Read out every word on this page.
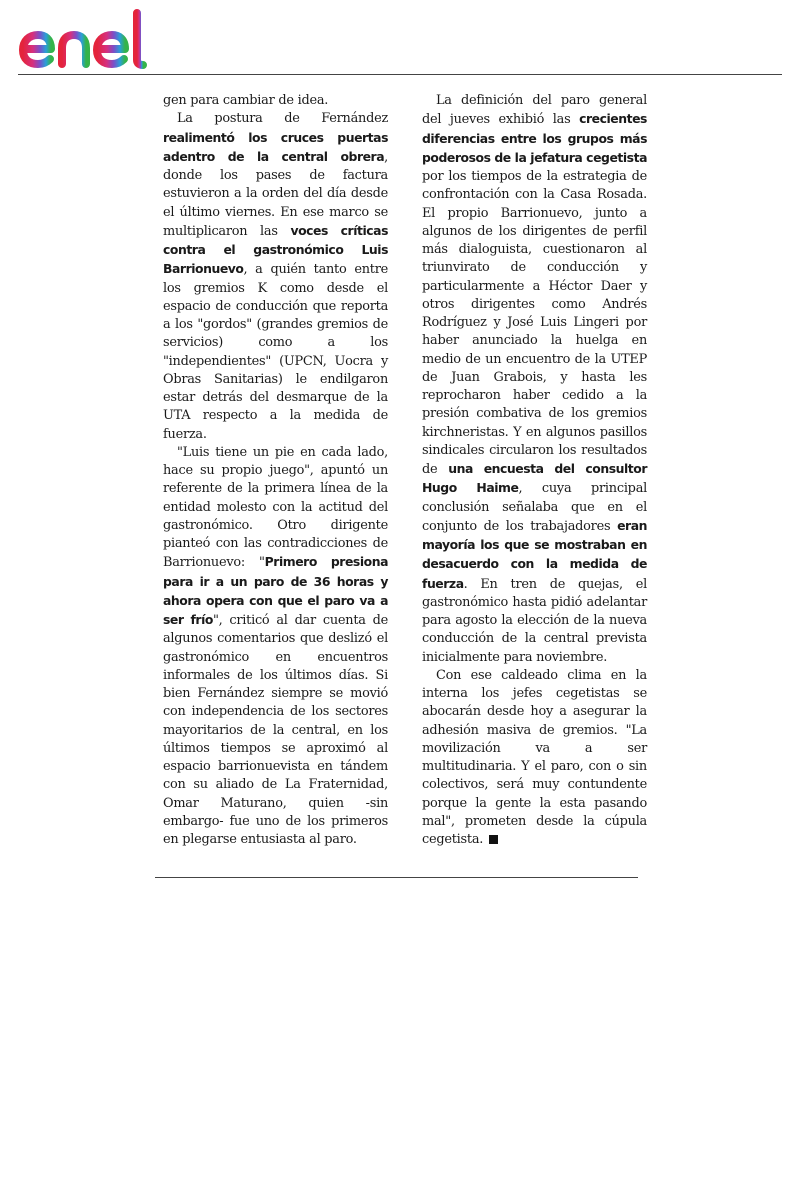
gen para cambiar de idea.

La postura de Fernández realimentó los cruces puertas adentro de la central obrera, donde los pases de factura estuvieron a la orden del día desde el último viernes. En ese marco se multiplicaron las voces críticas contra el gastronómico Luis Barrionuevo, a quién tanto entre los gremios K como desde el espacio de conducción que reporta a los "gordos" (grandes gremios de servicios) como a los "independientes" (UPCN, Uocra y Obras Sanitarias) le endilgaron estar detrás del desmarque de la UTA respecto a la medida de fuerza.

"Luis tiene un pie en cada lado, hace su propio juego", apuntó un referente de la primera línea de la entidad molesto con la actitud del gastronómico. Otro dirigente pianteó con las contradicciones de Barrionuevo: "Primero presiona para ir a un paro de 36 horas y ahora opera con que el paro va a ser frío", criticó al dar cuenta de algunos comentarios que deslizó el gastronómico en encuentros informales de los últimos días. Si bien Fernández siempre se movió con independencia de los sectores mayoritarios de la central, en los últimos tiempos se aproximó al espacio barrionuevista en tándem con su aliado de La Fraternidad, Omar Maturano, quien -sin embargo- fue uno de los primeros en plegarse entusiasta al paro.

La definición del paro general del jueves exhibió las crecientes diferencias entre los grupos más poderosos de la jefatura cegetista por los tiempos de la estrategia de confrontación con la Casa Rosada. El propio Barrionuevo, junto a algunos de los dirigentes de perfil más dialoguista, cuestionaron al triunvirato de conducción y particularmente a Héctor Daer y otros dirigentes como Andrés Rodríguez y José Luis Lingeri por haber anunciado la huelga en medio de un encuentro de la UTEP de Juan Grabois, y hasta les reprocharon haber cedido a la presión combativa de los gremios kirchneristas. Y en algunos pasillos sindicales circularon los resultados de una encuesta del consultor Hugo Haime, cuya principal conclusión señalaba que en el conjunto de los trabajadores eran mayoría los que se mostraban en desacuerdo con la medida de fuerza. En tren de quejas, el gastronómico hasta pidió adelantar para agosto la elección de la nueva conducción de la central prevista inicialmente para noviembre.

Con ese caldeado clima en la interna los jefes cegetistas se abocarán desde hoy a asegurar la adhesión masiva de gremios. "La movilización va a ser multitudinaria. Y el paro, con o sin colectivos, será muy contundente porque la gente la esta pasando mal", prometen desde la cúpula cegetista.
